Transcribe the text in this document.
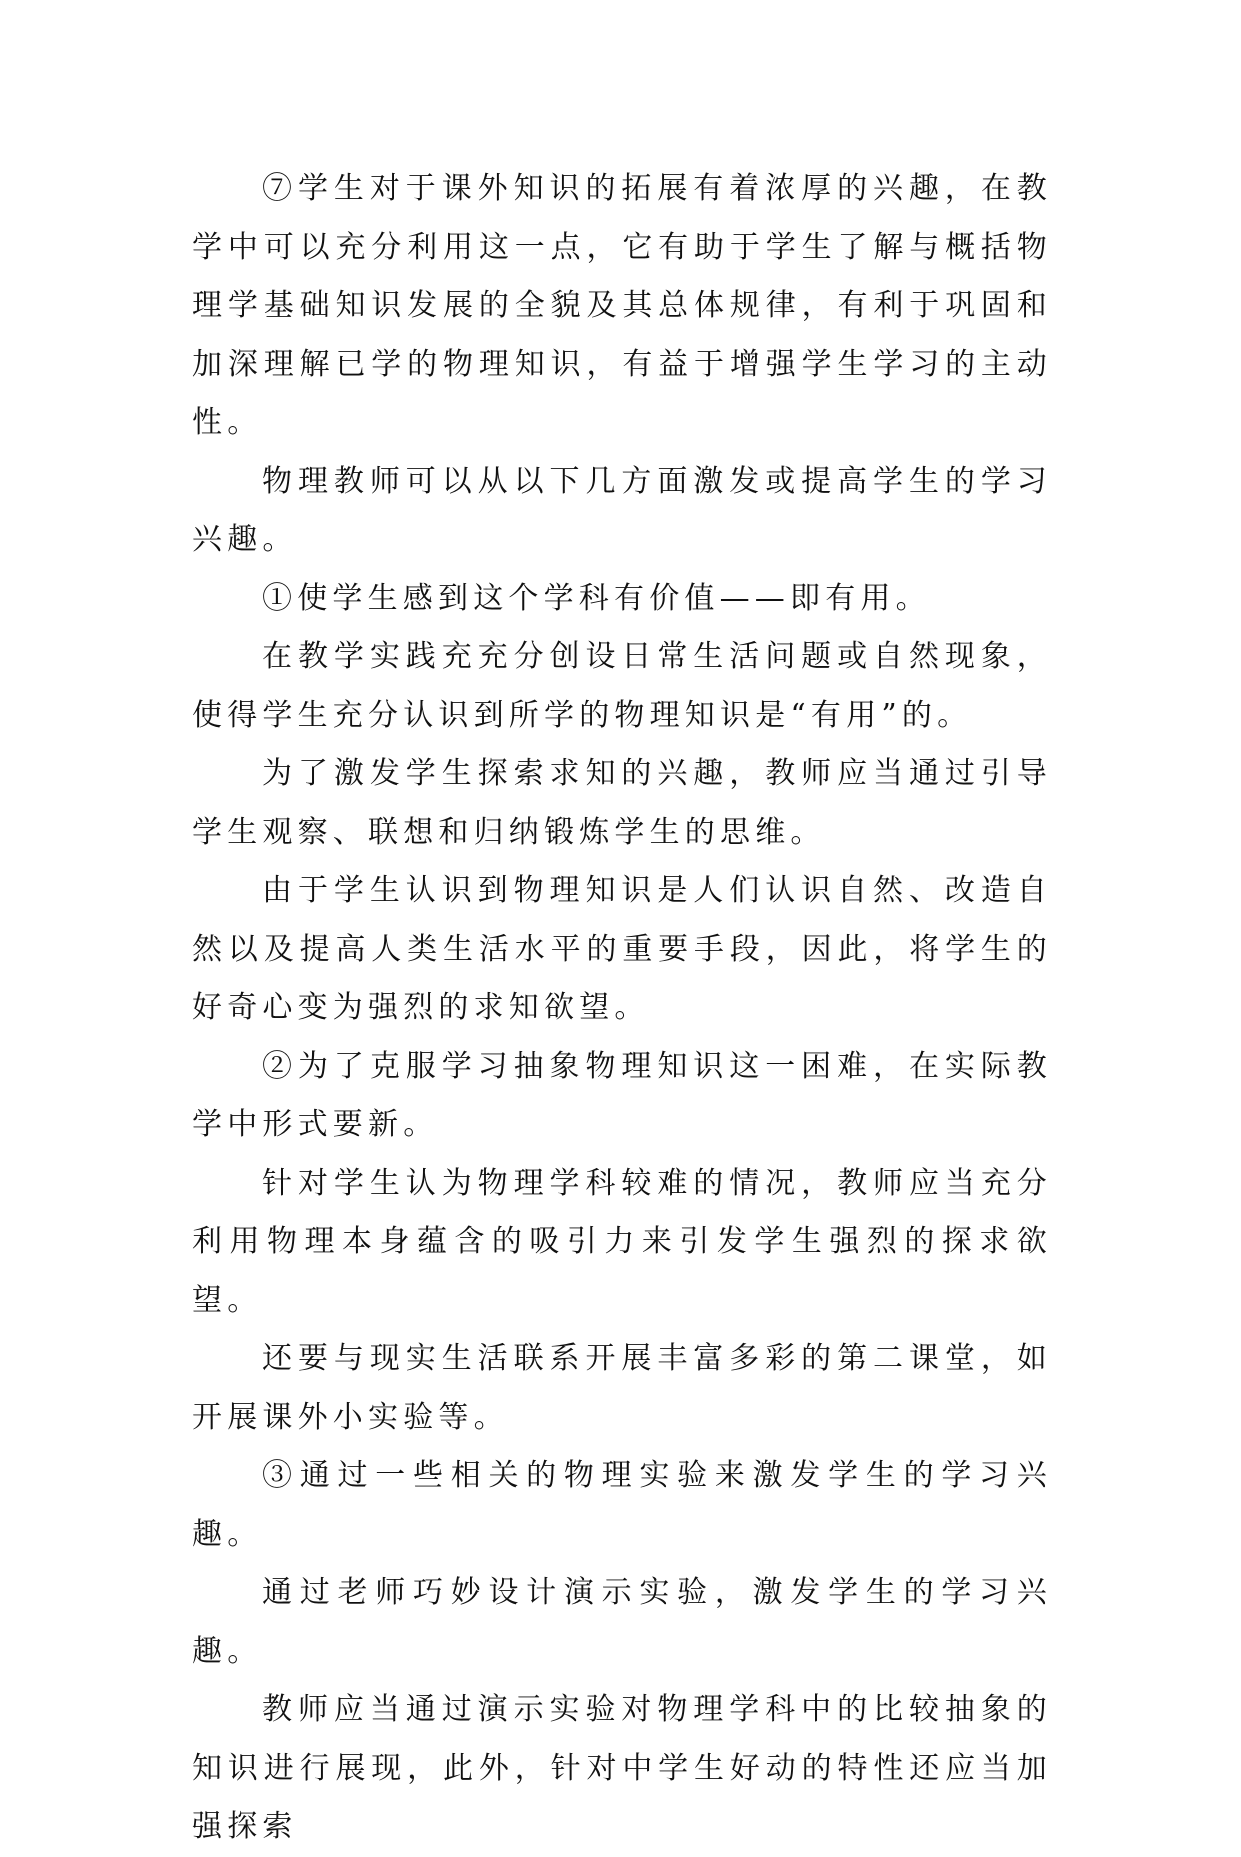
⑦学生对于课外知识的拓展有着浓厚的兴趣，在教学中可以充分利用这一点，它有助于学生了解与概括物理学基础知识发展的全貌及其总体规律，有利于巩固和加深理解已学的物理知识，有益于增强学生学习的主动性。

物理教师可以从以下几方面激发或提高学生的学习兴趣。

①使学生感到这个学科有价值——即有用。

在教学实践充充分创设日常生活问题或自然现象，使得学生充分认识到所学的物理知识是“有用”的。

为了激发学生探索求知的兴趣，教师应当通过引导学生观察、联想和归纳锻炼学生的思维。

由于学生认识到物理知识是人们认识自然、改造自然以及提高人类生活水平的重要手段，因此，将学生的好奇心变为强烈的求知欲望。

②为了克服学习抽象物理知识这一困难，在实际教学中形式要新。

针对学生认为物理学科较难的情况，教师应当充分利用物理本身蕴含的吸引力来引发学生强烈的探求欲望。

还要与现实生活联系开展丰富多彩的第二课堂，如开展课外小实验等。

③通过一些相关的物理实验来激发学生的学习兴趣。

通过老师巧妙设计演示实验，激发学生的学习兴趣。

教师应当通过演示实验对物理学科中的比较抽象的知识进行展现，此外，针对中学生好动的特性还应当加强探索
